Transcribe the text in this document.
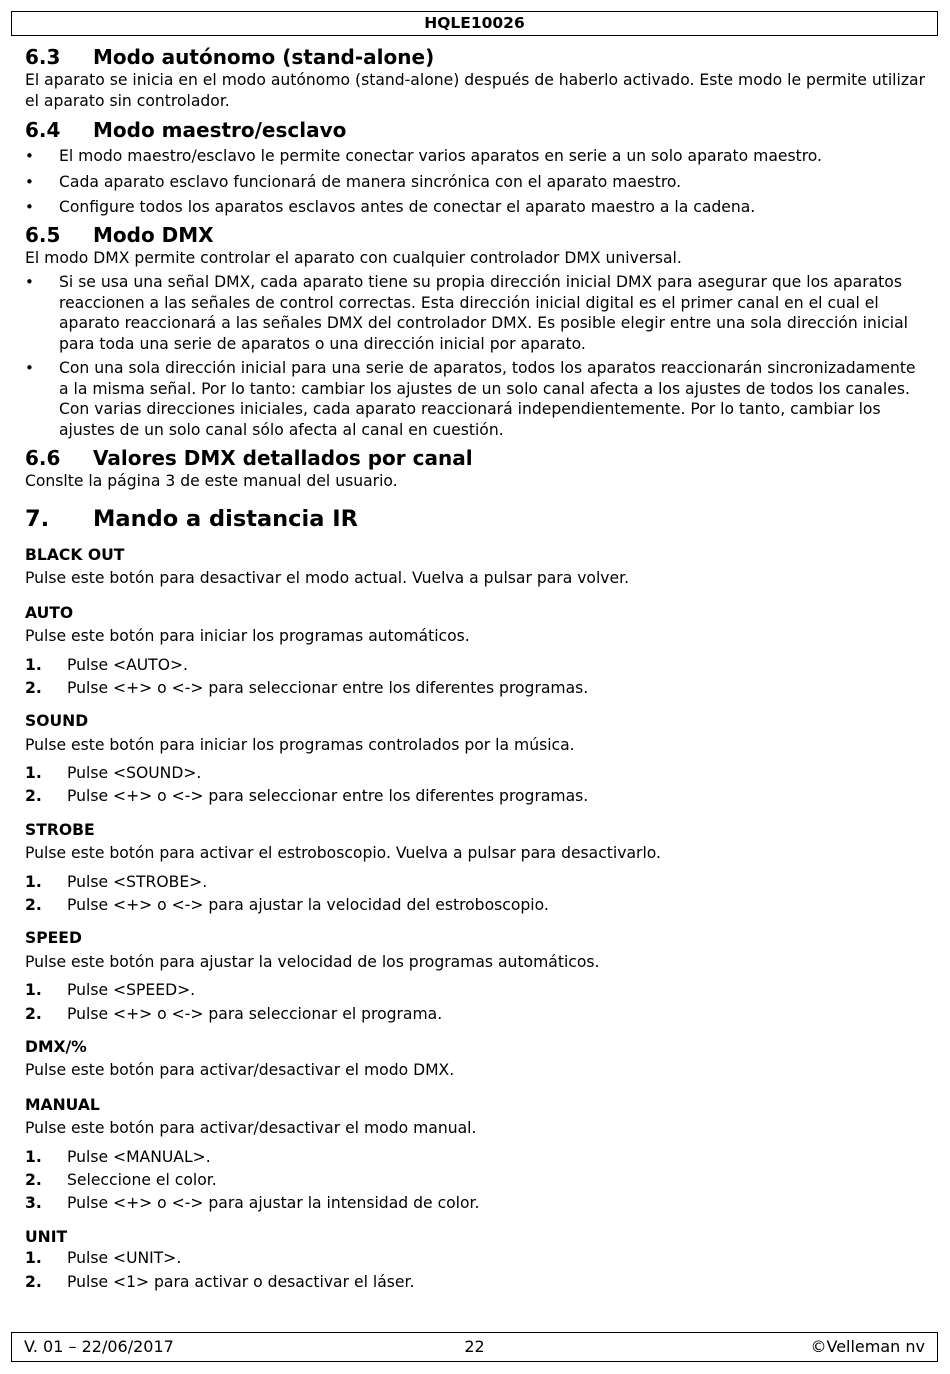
HQLE10026
6.3	Modo autónomo (stand-alone)

El aparato se inicia en el modo autónomo (stand-alone) después de haberlo activado. Este modo le permite utilizar el aparato sin controlador.

6.4	Modo maestro/esclavo
• El modo maestro/esclavo le permite conectar varios aparatos en serie a un solo aparato maestro.
• Cada aparato esclavo funcionará de manera sincrónica con el aparato maestro.
• Configure todos los aparatos esclavos antes de conectar el aparato maestro a la cadena.
6.5	Modo DMX

El modo DMX permite controlar el aparato con cualquier controlador DMX universal.

• Si se usa una señal DMX, cada aparato tiene su propia dirección inicial DMX para asegurar que los aparatos reaccionen a las señales de control correctas. Esta dirección inicial digital es el primer canal en el cual el aparato reaccionará a las señales DMX del controlador DMX. Es posible elegir entre una sola dirección inicial para toda una serie de aparatos o una dirección inicial por aparato.
• Con una sola dirección inicial para una serie de aparatos, todos los aparatos reaccionarán sincronizadamente a la misma señal. Por lo tanto: cambiar los ajustes de un solo canal afecta a los ajustes de todos los canales. Con varias direcciones iniciales, cada aparato reaccionará independientemente. Por lo tanto, cambiar los ajustes de un solo canal sólo afecta al canal en cuestión.
6.6	Valores DMX detallados por canal

Conslte la página 3 de este manual del usuario.

7.	Mando a distancia IR

BLACK OUT

Pulse este botón para desactivar el modo actual. Vuelva a pulsar para volver.

AUTO

Pulse este botón para iniciar los programas automáticos.

1.	Pulse <AUTO>.
2.	Pulse <+> o <-> para seleccionar entre los diferentes programas.

SOUND

Pulse este botón para iniciar los programas controlados por la música.

1.	Pulse <SOUND>.
2.	Pulse <+> o <-> para seleccionar entre los diferentes programas.

STROBE

Pulse este botón para activar el estroboscopio. Vuelva a pulsar para desactivarlo.

1.	Pulse <STROBE>.
2.	Pulse <+> o <-> para ajustar la velocidad del estroboscopio.

SPEED

Pulse este botón para ajustar la velocidad de los programas automáticos.

1.	Pulse <SPEED>.
2.	Pulse <+> o <-> para seleccionar el programa.

DMX/%

Pulse este botón para activar/desactivar el modo DMX.

MANUAL

Pulse este botón para activar/desactivar el modo manual.

1.	Pulse <MANUAL>.
2.	Seleccione el color.
3.	Pulse <+> o <-> para ajustar la intensidad de color.

UNIT

1.	Pulse <UNIT>.
2.	Pulse <1> para activar o desactivar el láser.
V. 01 – 22/06/2017	22	©Velleman nv
